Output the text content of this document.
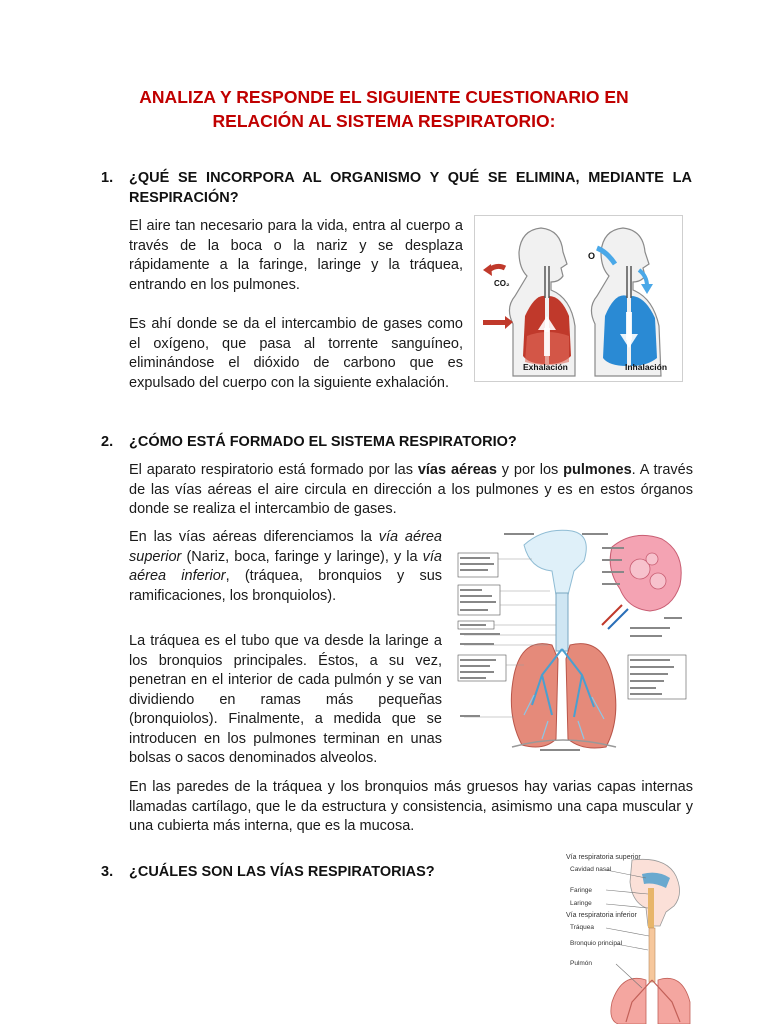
ANALIZA Y RESPONDE EL SIGUIENTE CUESTIONARIO EN
RELACIÓN AL SISTEMA RESPIRATORIO:
1. ¿QUÉ SE INCORPORA AL ORGANISMO Y QUÉ SE ELIMINA, MEDIANTE LA RESPIRACIÓN?

El aire tan necesario para la vida, entra al cuerpo a través de la boca o la nariz y se desplaza rápidamente a la faringe, laringe y la tráquea, entrando en los pulmones.

Es ahí donde se da el intercambio de gases como el oxígeno, que pasa al torrente sanguíneo, eliminándose el dióxido de carbono que es expulsado del cuerpo con la siguiente exhalación.

CO₂
O
Exhalación	Inhalación
2. ¿CÓMO ESTÁ FORMADO EL SISTEMA RESPIRATORIO?

El aparato respiratorio está formado por las vías aéreas y por los pulmones. A través de las vías aéreas el aire circula en dirección a los pulmones y es en estos órganos donde se realiza el intercambio de gases.

En las vías aéreas diferenciamos la vía aérea superior (Nariz, boca, faringe y laringe), y la vía aérea inferior, (tráquea, bronquios y sus ramificaciones, los bronquiolos).

La tráquea es el tubo que va desde la laringe a los bronquios principales. Éstos, a su vez, penetran en el interior de cada pulmón y se van dividiendo en ramas más pequeñas (bronquiolos). Finalmente, a medida que se introducen en los pulmones terminan en unas bolsas o sacos denominados alveolos.

En las paredes de la tráquea y los bronquios más gruesos hay varias capas internas llamadas cartílago, que le da estructura y consistencia, asimismo una capa muscular y una cubierta más interna, que es la mucosa.

3. ¿CUÁLES SON LAS VÍAS RESPIRATORIAS?
Vía respiratoria superior
Cavidad nasal
Faringe
Laringe
Vía respiratoria inferior
Tráquea
Bronquio principal
Pulmón
